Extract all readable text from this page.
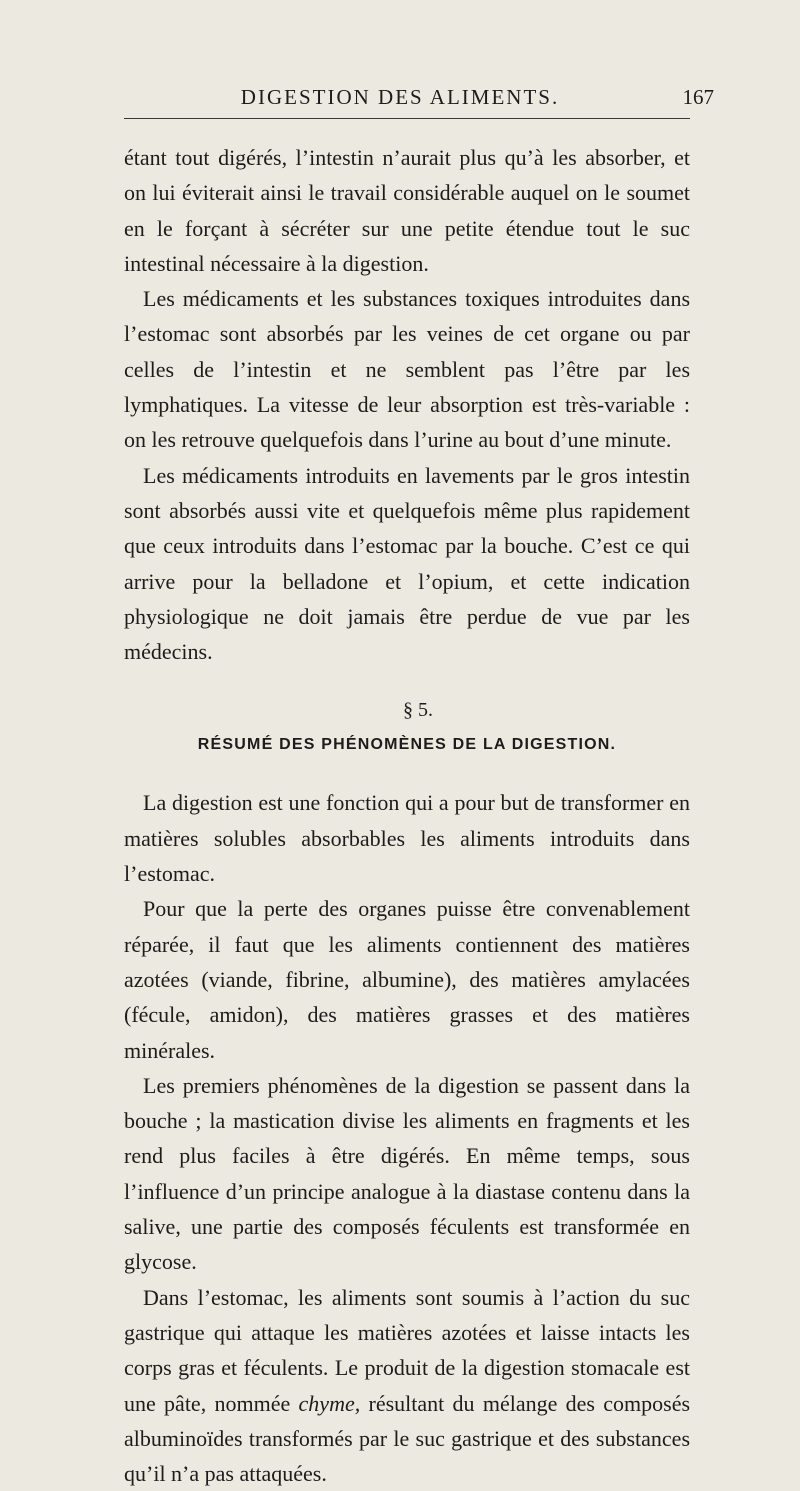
DIGESTION DES ALIMENTS.	167

étant tout digérés, l’intestin n’aurait plus qu’à les absorber, et on lui éviterait ainsi le travail considérable auquel on le soumet en le forçant à sécréter sur une petite étendue tout le suc intestinal nécessaire à la digestion.

Les médicaments et les substances toxiques introduites dans l’estomac sont absorbés par les veines de cet organe ou par celles de l’intestin et ne semblent pas l’être par les lymphatiques. La vitesse de leur absorption est très-variable : on les retrouve quelquefois dans l’urine au bout d’une minute.

Les médicaments introduits en lavements par le gros intestin sont absorbés aussi vite et quelquefois même plus rapidement que ceux introduits dans l’estomac par la bouche. C’est ce qui arrive pour la belladone et l’opium, et cette indication physiologique ne doit jamais être perdue de vue par les médecins.

§ 5.
RÉSUMÉ DES PHÉNOMÈNES DE LA DIGESTION.

La digestion est une fonction qui a pour but de transformer en matières solubles absorbables les aliments introduits dans l’estomac.

Pour que la perte des organes puisse être convenablement réparée, il faut que les aliments contiennent des matières azotées (viande, fibrine, albumine), des matières amylacées (fécule, amidon), des matières grasses et des matières minérales.

Les premiers phénomènes de la digestion se passent dans la bouche ; la mastication divise les aliments en fragments et les rend plus faciles à être digérés. En même temps, sous l’influence d’un principe analogue à la diastase contenu dans la salive, une partie des composés féculents est transformée en glycose.

Dans l’estomac, les aliments sont soumis à l’action du suc gastrique qui attaque les matières azotées et laisse intacts les corps gras et féculents. Le produit de la digestion stomacale est une pâte, nommée chyme, résultant du mélange des composés albuminoïdes transformés par le suc gastrique et des substances qu’il n’a pas attaquées.
